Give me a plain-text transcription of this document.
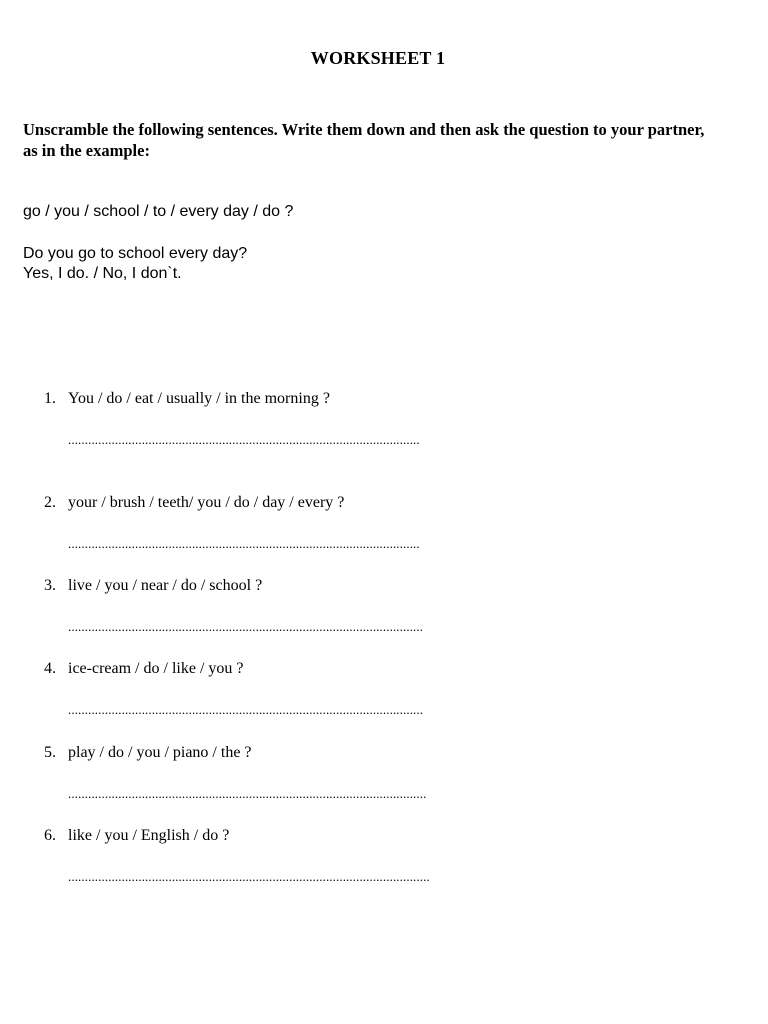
WORKSHEET 1
Unscramble the following sentences. Write them down and then ask the question to your partner, as in the example:
go / you / school / to / every day / do ?
Do you go to school every day?
Yes, I do. / No, I don`t.
1. You / do / eat / usually / in the morning ?
.........................................................................................................
2. your / brush / teeth/ you / do / day / every ?
.........................................................................................................
3. live / you / near / do / school ?
..........................................................................................................
4. ice-cream / do / like / you ?
..........................................................................................................
5. play / do / you / piano / the ?
...........................................................................................................
6. like / you / English / do ?
............................................................................................................
